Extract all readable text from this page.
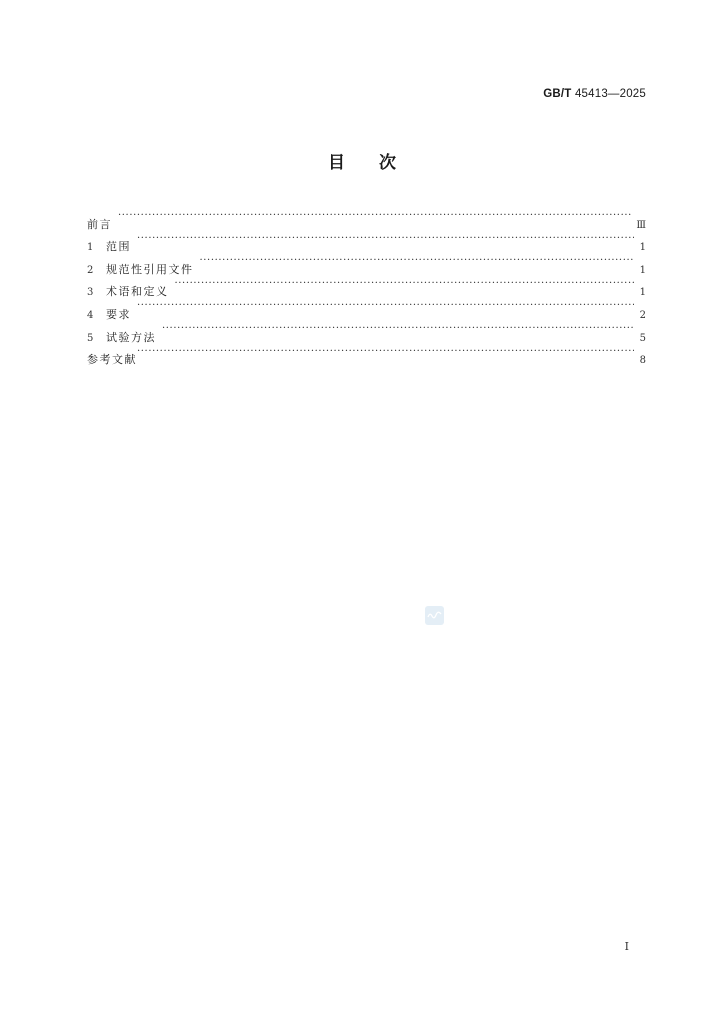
GB/T 45413—2025
目 次
前言 ·····	Ⅲ
1	范围 ·····	1
2	规范性引用文件 ·····	1
3	术语和定义 ·····	1
4	要求 ·····	2
5	试验方法 ·····	5
参考文献 ·····	8
I
